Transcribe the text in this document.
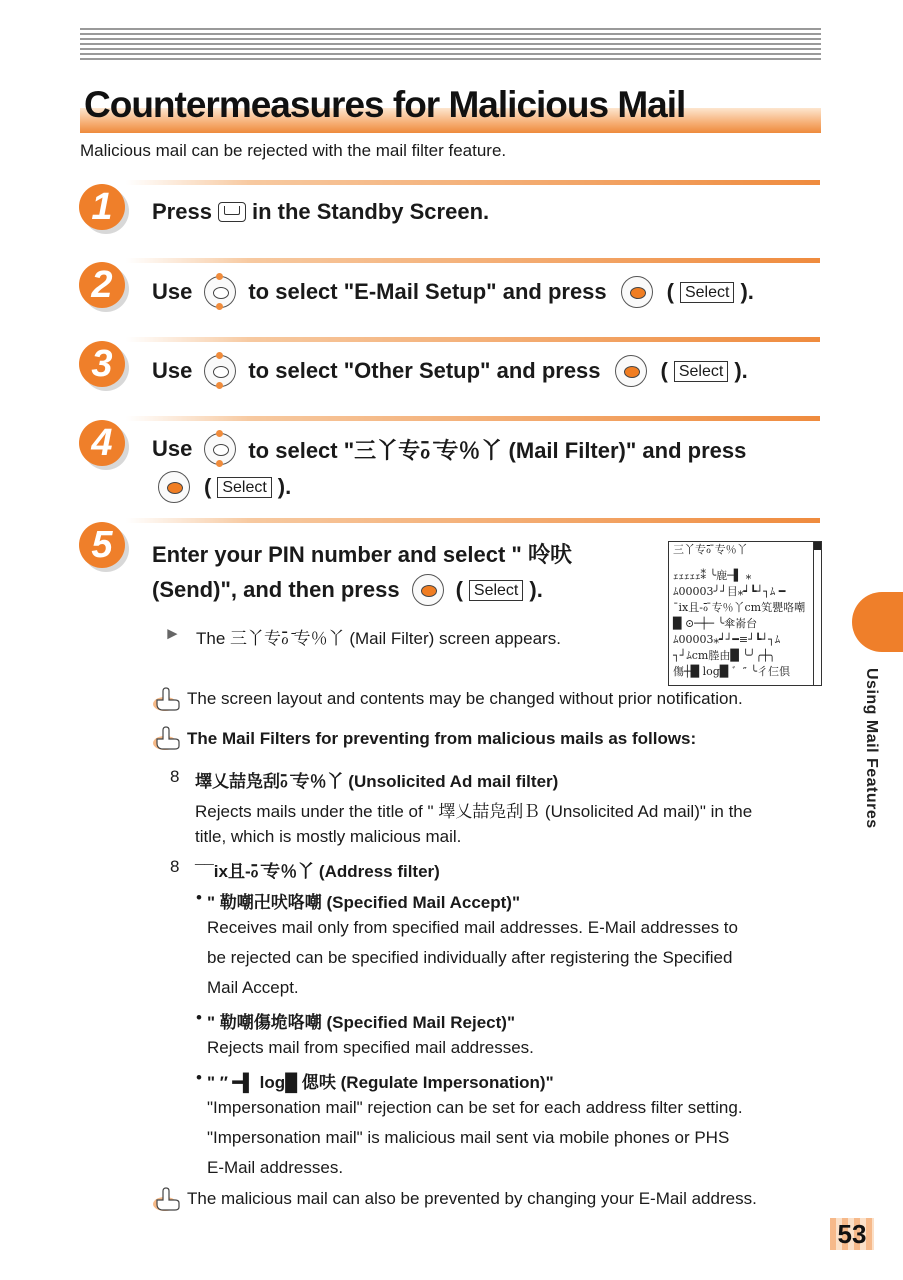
Countermeasures for Malicious Mail
Malicious mail can be rejected with the mail filter feature.
1	Press in the Standby Screen.
2	Use	to select "E-Mail Setup" and press	( Select ).
3	Use	to select "Other Setup" and press	( Select ).
4	Use	to select "三丫专ℴ̄ ̄专％丫 (Mail Filter)" and press
( Select ).
5	Enter your PIN number and select " 呤吠
(Send)", and then press	( Select ).
► The 三丫专ℴ̄ ̄专％丫 (Mail Filter) screen appears.
三丫专ℴ̄ ̄专％丫
ｪｪｪｪｪ⁑ ╰鹿─▌ ⁎
ﾑ00003╯┘目⁎┙┗┘┐ﾑ ━
¯ix且-ℴ̄ ̄专％丫cm笂甖咯嘲
█ ⊙─┼─ ╰傘嵛台
ﾑ00003⁎┙┘━≡┘┗┘┐ﾑ
┐┘ﾑcm塍由█ ╰╯╭┼╮
傷┼█ log█ ゛″ ╰彳仨倶
The screen layout and contents may be changed without prior notification.
The Mail Filters for preventing from malicious mails as follows:
8 墿乂喆凫刮ℴ̄ ̄专％丫 (Unsolicited Ad mail filter)
Rejects mails under the title of " 墿乂喆凫刮Ｂ (Unsolicited Ad mail)" in the
title, which is mostly malicious mail.
8 ¯¯ix且-ℴ̄ ̄专％丫 (Address filter)
• " 勒嘲卍吠咯嘲 (Specified Mail Accept)"
Receives mail only from specified mail addresses. E-Mail addresses to
be rejected can be specified individually after registering the Specified
Mail Accept.
• " 勒嘲傷垝咯嘲 (Specified Mail Reject)"
Rejects mail from specified mail addresses.
• " ″ ━▌ log█ 偲呋 (Regulate Impersonation)"
"Impersonation mail" rejection can be set for each address filter setting.
"Impersonation mail" is malicious mail sent via mobile phones or PHS
E-Mail addresses.
The malicious mail can also be prevented by changing your E-Mail address.
Using Mail Features
53
